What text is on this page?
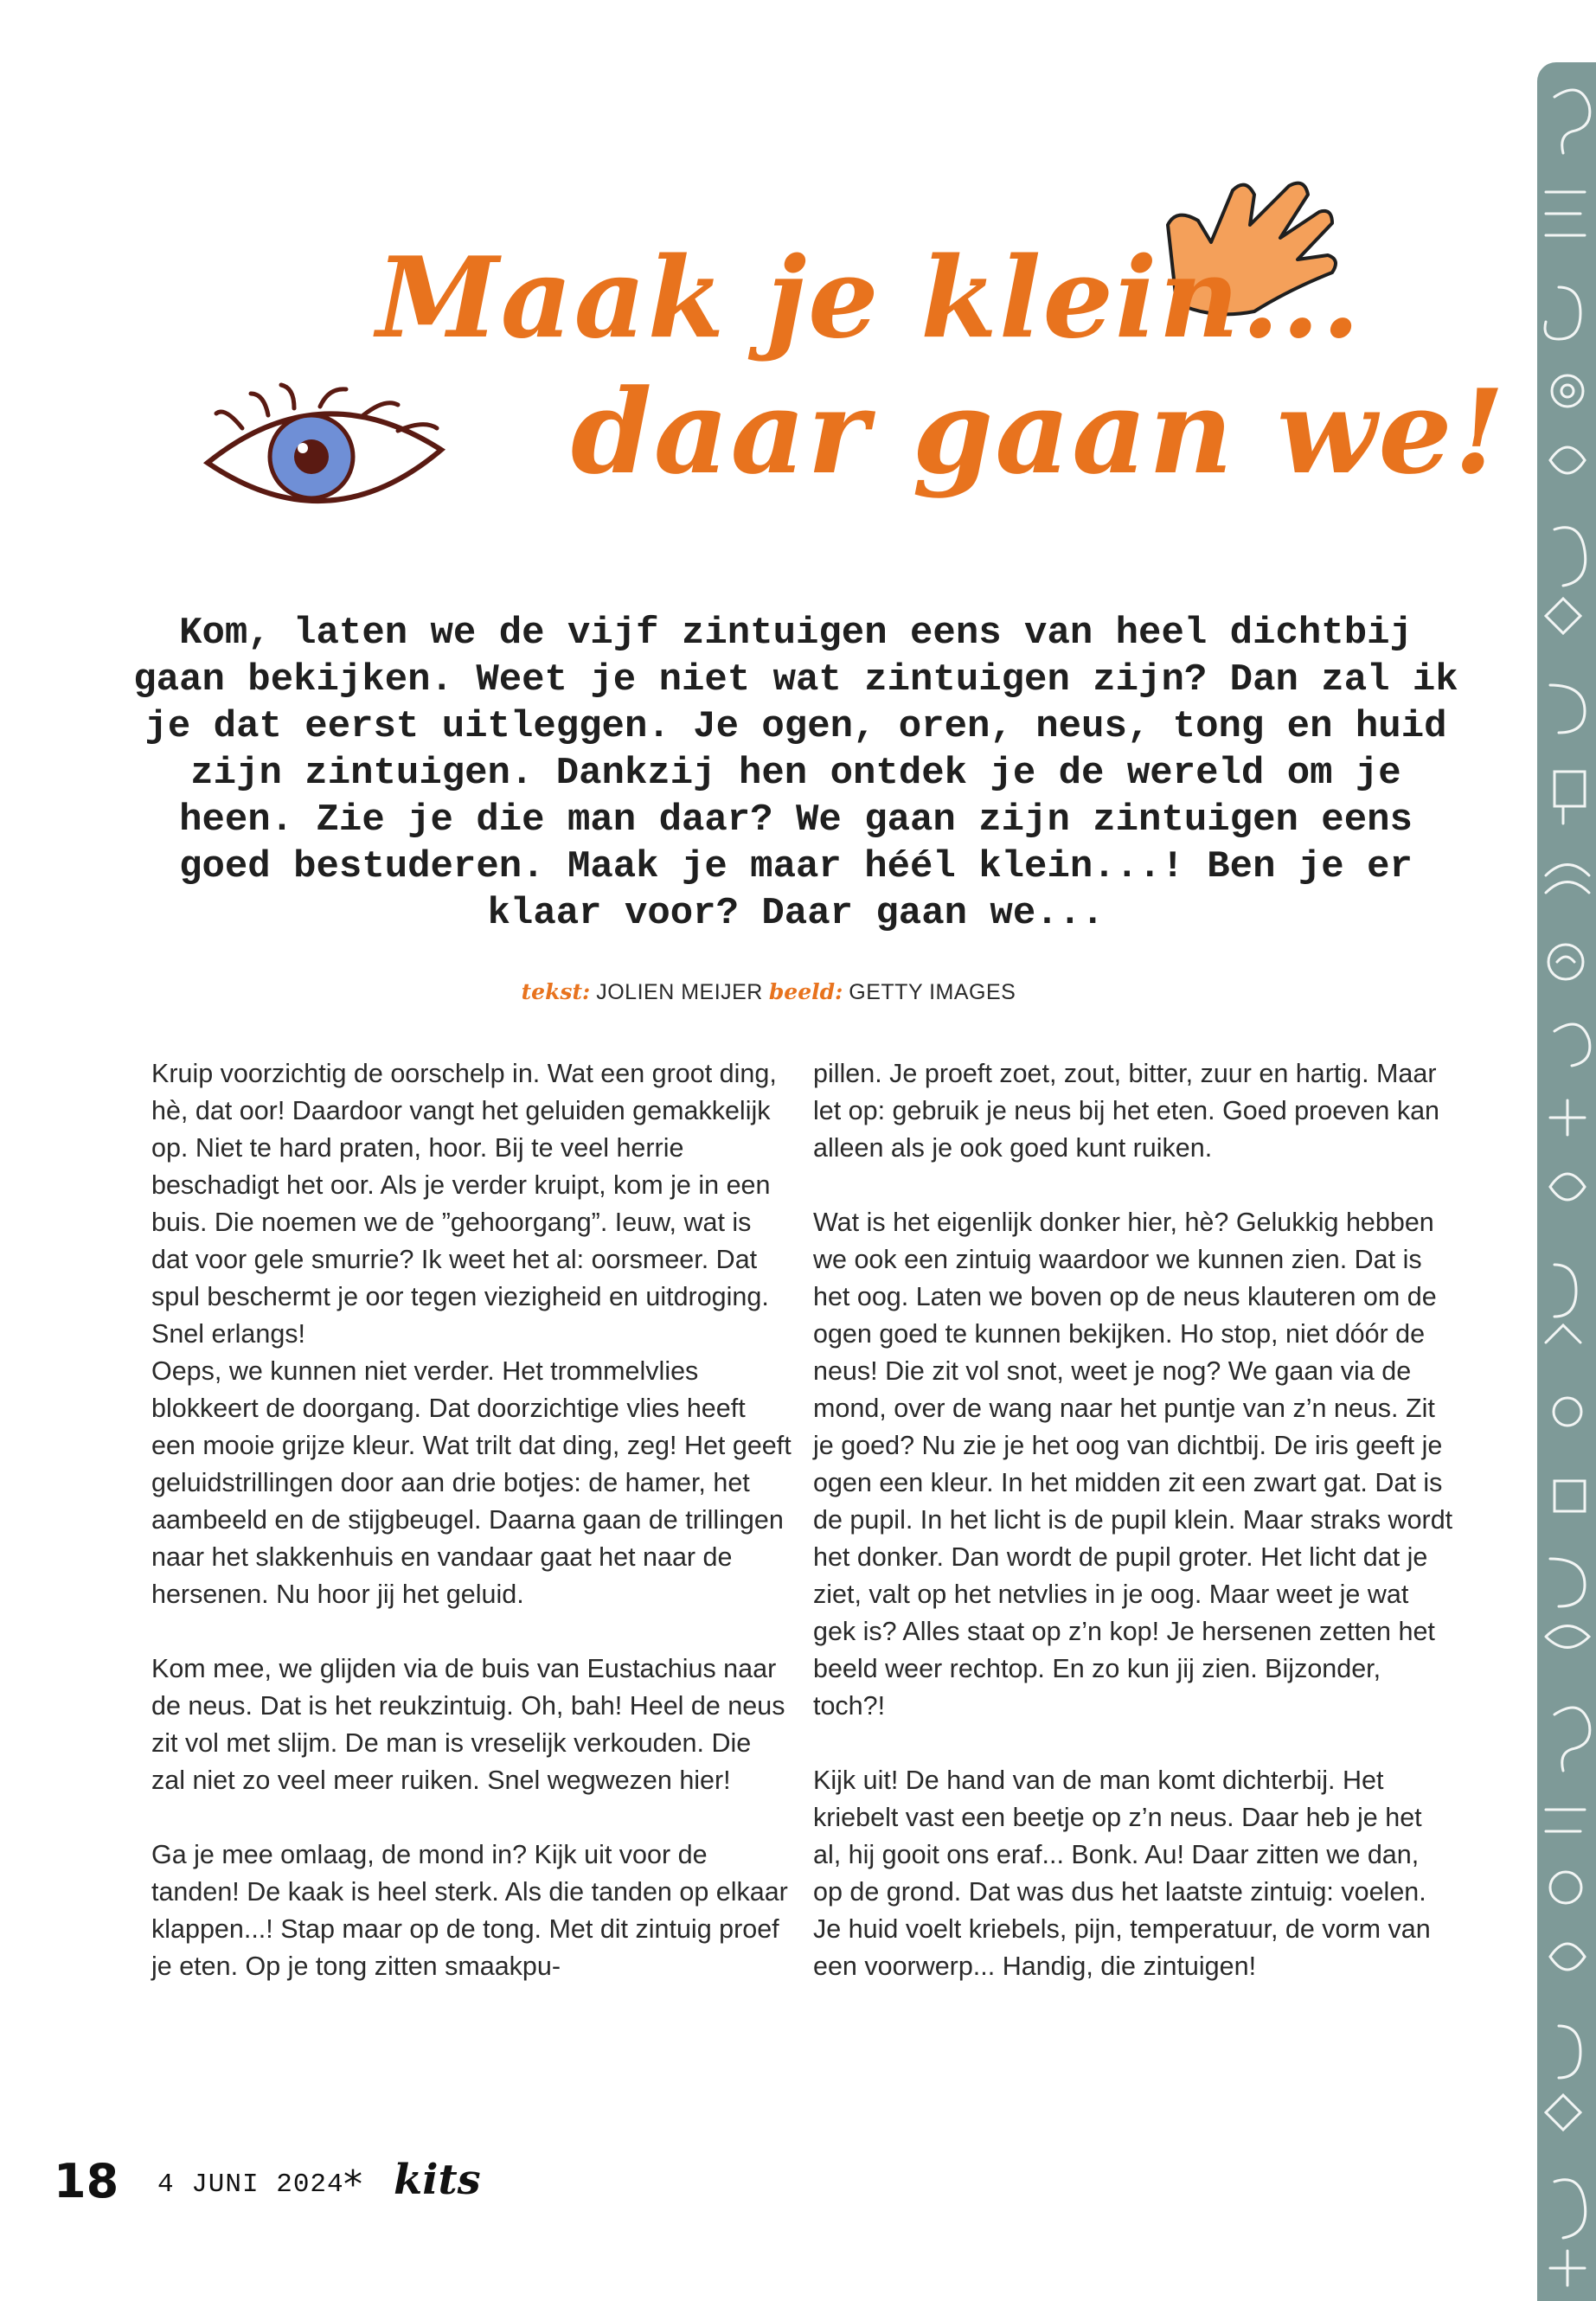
Maak je klein...
daar gaan we!
Kom, laten we de vijf zintuigen eens van heel dichtbij gaan bekijken. Weet je niet wat zintuigen zijn? Dan zal ik je dat eerst uitleggen. Je ogen, oren, neus, tong en huid zijn zintuigen. Dankzij hen ontdek je de wereld om je heen. Zie je die man daar? We gaan zijn zintuigen eens goed bestuderen. Maak je maar héél klein...! Ben je er klaar voor? Daar gaan we...
tekst: JOLIEN MEIJER beeld: GETTY IMAGES

Kruip voorzichtig de oorschelp in. Wat een groot ding, hè, dat oor! Daardoor vangt het geluiden gemakkelijk op. Niet te hard praten, hoor. Bij te veel herrie beschadigt het oor. Als je verder kruipt, kom je in een buis. Die noemen we de ”gehoorgang”. Ieuw, wat is dat voor gele smurrie? Ik weet het al: oorsmeer. Dat spul beschermt je oor tegen viezigheid en uitdroging. Snel erlangs!

Oeps, we kunnen niet verder. Het trommelvlies blokkeert de doorgang. Dat doorzichtige vlies heeft een mooie grijze kleur. Wat trilt dat ding, zeg! Het geeft geluidstrillingen door aan drie botjes: de hamer, het aambeeld en de stijgbeugel. Daarna gaan de trillingen naar het slakkenhuis en vandaar gaat het naar de hersenen. Nu hoor jij het geluid.

Kom mee, we glijden via de buis van Eustachius naar de neus. Dat is het reukzintuig. Oh, bah! Heel de neus zit vol met slijm. De man is vreselijk verkouden. Die zal niet zo veel meer ruiken. Snel wegwezen hier!

Ga je mee omlaag, de mond in? Kijk uit voor de tanden! De kaak is heel sterk. Als die tanden op elkaar klappen...! Stap maar op de tong. Met dit zintuig proef je eten. Op je tong zitten smaakpu-

pillen. Je proeft zoet, zout, bitter, zuur en hartig. Maar let op: gebruik je neus bij het eten. Goed proeven kan alleen als je ook goed kunt ruiken.

Wat is het eigenlijk donker hier, hè? Gelukkig hebben we ook een zintuig waardoor we kunnen zien. Dat is het oog. Laten we boven op de neus klauteren om de ogen goed te kunnen bekijken. Ho stop, niet dóór de neus! Die zit vol snot, weet je nog? We gaan via de mond, over de wang naar het puntje van z’n neus. Zit je goed? Nu zie je het oog van dichtbij. De iris geeft je ogen een kleur. In het midden zit een zwart gat. Dat is de pupil. In het licht is de pupil klein. Maar straks wordt het donker. Dan wordt de pupil groter. Het licht dat je ziet, valt op het netvlies in je oog. Maar weet je wat gek is? Alles staat op z’n kop! Je hersenen zetten het beeld weer rechtop. En zo kun jij zien. Bijzonder, toch?!

Kijk uit! De hand van de man komt dichterbij. Het kriebelt vast een beetje op z’n neus. Daar heb je het al, hij gooit ons eraf... Bonk. Au! Daar zitten we dan, op de grond. Dat was dus het laatste zintuig: voelen. Je huid voelt kriebels, pijn, temperatuur, de vorm van een voorwerp... Handig, die zintuigen!

18 4 JUNI 2024 * kits
